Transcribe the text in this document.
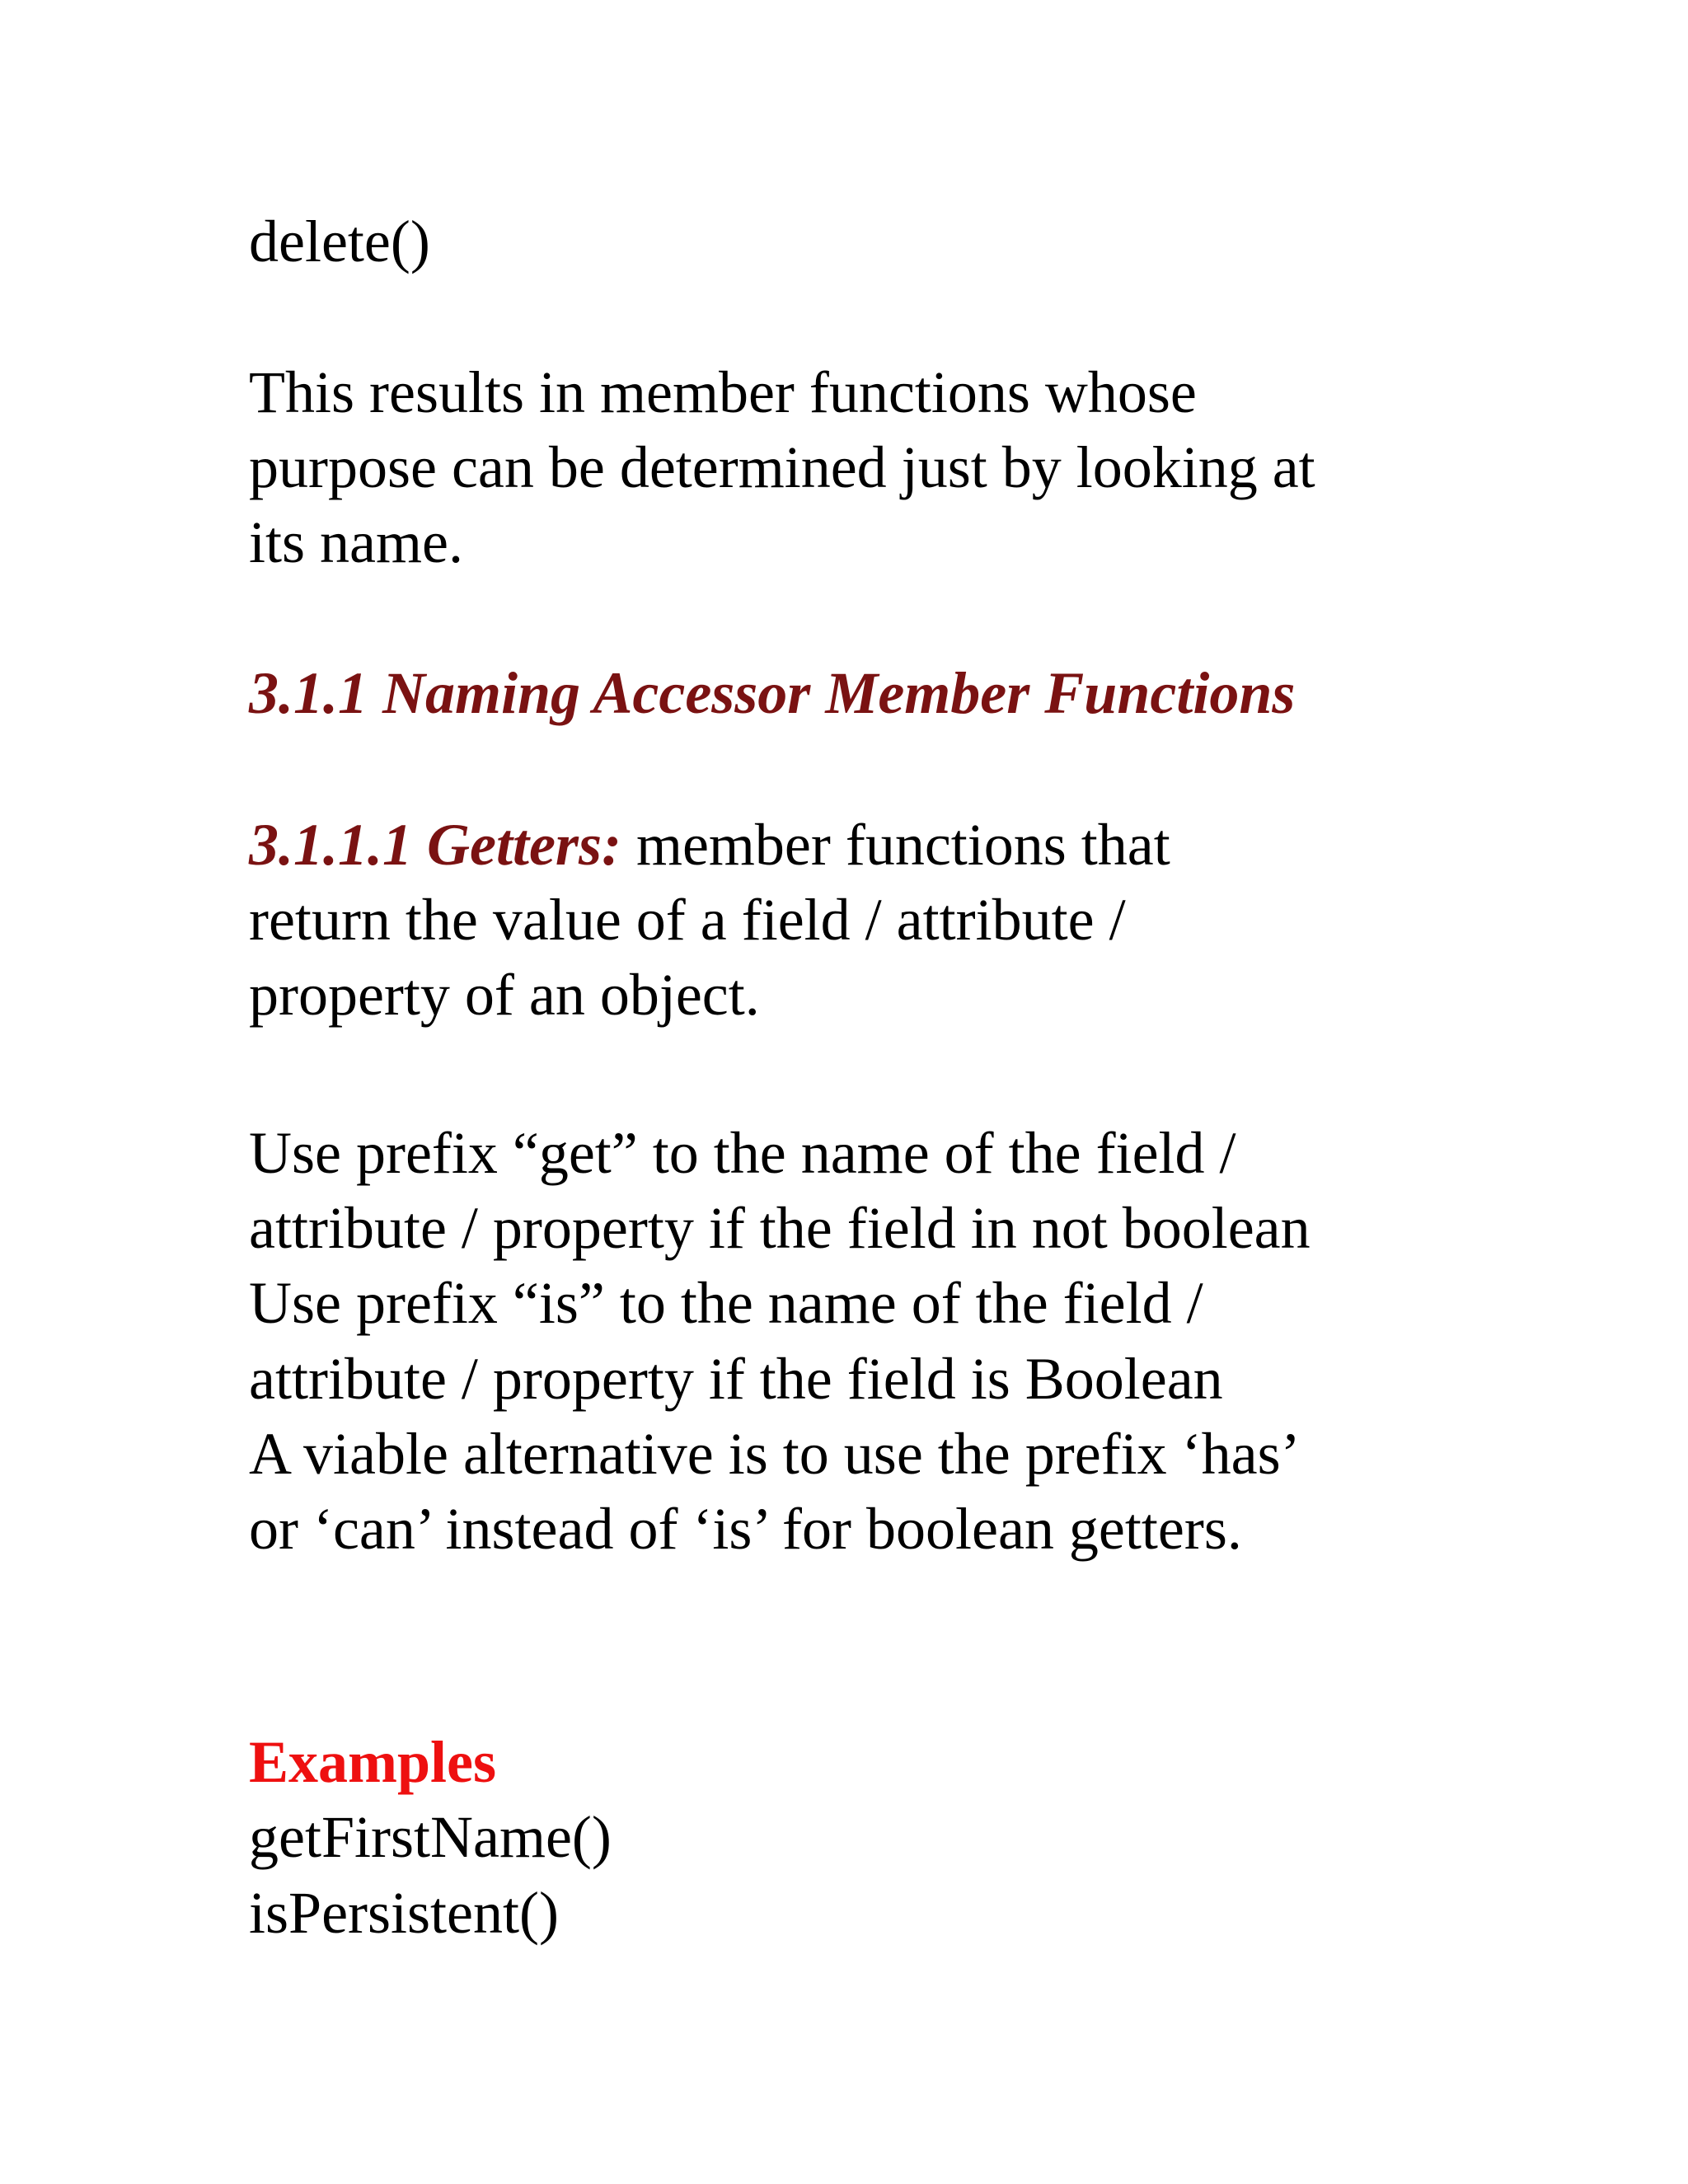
delete()
This results in member functions whose
purpose can be determined just by looking at
its name.
3.1.1 Naming Accessor Member Functions
3.1.1.1 Getters: member functions that
return the value of a field / attribute /
property of an object.
Use prefix “get” to the name of the field /
attribute / property if the field in not boolean
Use prefix “is” to the name of the field /
attribute / property if the field is Boolean
A viable alternative is to use the prefix ‘has’
or ‘can’ instead of ‘is’ for boolean getters.
Examples
getFirstName()
isPersistent()
